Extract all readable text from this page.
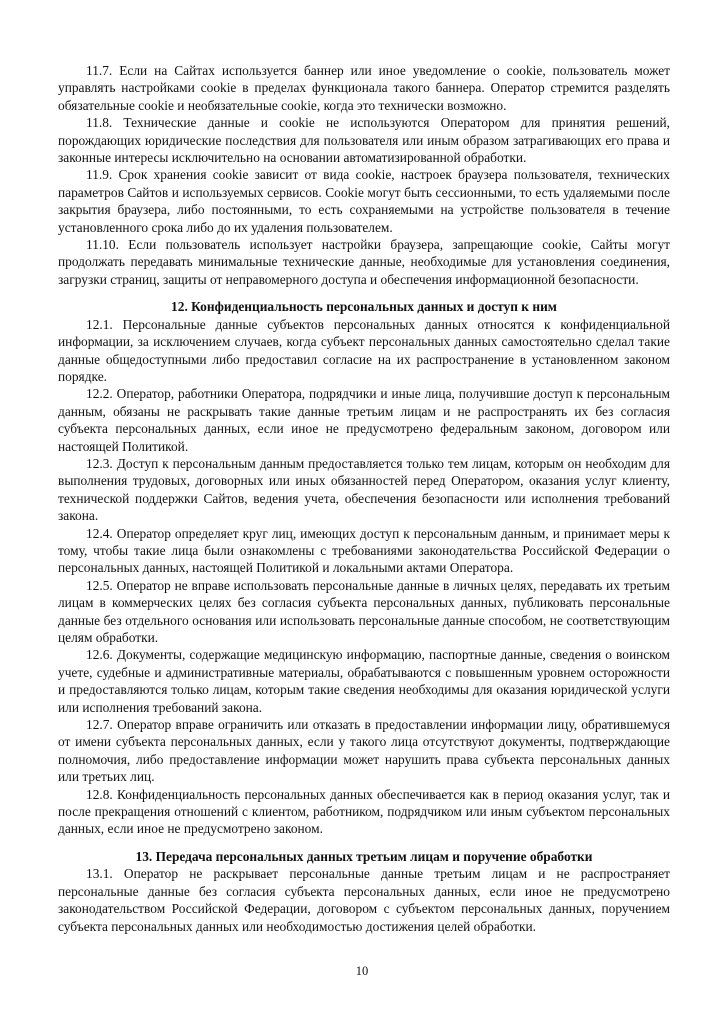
11.7. Если на Сайтах используется баннер или иное уведомление о cookie, пользователь может управлять настройками cookie в пределах функционала такого баннера. Оператор стремится разделять обязательные cookie и необязательные cookie, когда это технически возможно.

11.8. Технические данные и cookie не используются Оператором для принятия решений, порождающих юридические последствия для пользователя или иным образом затрагивающих его права и законные интересы исключительно на основании автоматизированной обработки.

11.9. Срок хранения cookie зависит от вида cookie, настроек браузера пользователя, технических параметров Сайтов и используемых сервисов. Cookie могут быть сессионными, то есть удаляемыми после закрытия браузера, либо постоянными, то есть сохраняемыми на устройстве пользователя в течение установленного срока либо до их удаления пользователем.

11.10. Если пользователь использует настройки браузера, запрещающие cookie, Сайты могут продолжать передавать минимальные технические данные, необходимые для установления соединения, загрузки страниц, защиты от неправомерного доступа и обеспечения информационной безопасности.

12. Конфиденциальность персональных данных и доступ к ним

12.1. Персональные данные субъектов персональных данных относятся к конфиденциальной информации, за исключением случаев, когда субъект персональных данных самостоятельно сделал такие данные общедоступными либо предоставил согласие на их распространение в установленном законом порядке.

12.2. Оператор, работники Оператора, подрядчики и иные лица, получившие доступ к персональным данным, обязаны не раскрывать такие данные третьим лицам и не распространять их без согласия субъекта персональных данных, если иное не предусмотрено федеральным законом, договором или настоящей Политикой.

12.3. Доступ к персональным данным предоставляется только тем лицам, которым он необходим для выполнения трудовых, договорных или иных обязанностей перед Оператором, оказания услуг клиенту, технической поддержки Сайтов, ведения учета, обеспечения безопасности или исполнения требований закона.

12.4. Оператор определяет круг лиц, имеющих доступ к персональным данным, и принимает меры к тому, чтобы такие лица были ознакомлены с требованиями законодательства Российской Федерации о персональных данных, настоящей Политикой и локальными актами Оператора.

12.5. Оператор не вправе использовать персональные данные в личных целях, передавать их третьим лицам в коммерческих целях без согласия субъекта персональных данных, публиковать персональные данные без отдельного основания или использовать персональные данные способом, не соответствующим целям обработки.

12.6. Документы, содержащие медицинскую информацию, паспортные данные, сведения о воинском учете, судебные и административные материалы, обрабатываются с повышенным уровнем осторожности и предоставляются только лицам, которым такие сведения необходимы для оказания юридической услуги или исполнения требований закона.

12.7. Оператор вправе ограничить или отказать в предоставлении информации лицу, обратившемуся от имени субъекта персональных данных, если у такого лица отсутствуют документы, подтверждающие полномочия, либо предоставление информации может нарушить права субъекта персональных данных или третьих лиц.

12.8. Конфиденциальность персональных данных обеспечивается как в период оказания услуг, так и после прекращения отношений с клиентом, работником, подрядчиком или иным субъектом персональных данных, если иное не предусмотрено законом.

13. Передача персональных данных третьим лицам и поручение обработки

13.1. Оператор не раскрывает персональные данные третьим лицам и не распространяет персональные данные без согласия субъекта персональных данных, если иное не предусмотрено законодательством Российской Федерации, договором с субъектом персональных данных, поручением субъекта персональных данных или необходимостью достижения целей обработки.

10
